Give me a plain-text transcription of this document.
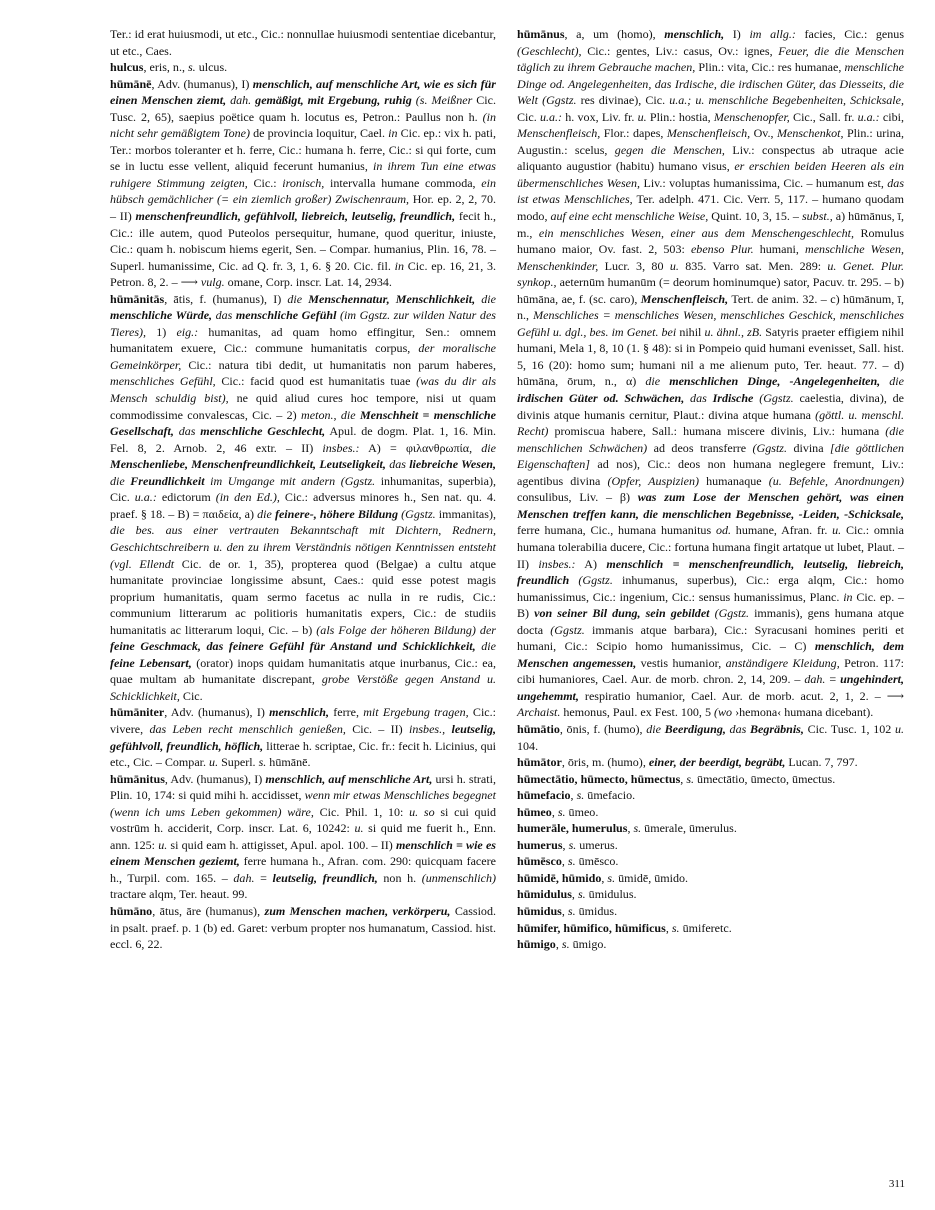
Ter.: id erat huiusmodi, ut etc., Cic.: nonnullae huiusmodi sententiae dicebantur, ut etc., Caes.

hulcus, eris, n., s. ulcus.

hūmānē, Adv. (humanus), I) menschlich, auf menschliche Art, wie es sich für einen Menschen ziemt, dah. gemäßigt, mit Ergebung, ruhig (s. Meißner Cic. Tusc. 2, 65), saepius poëtice quam h. locutus es, Petron.: Paullus non h. (in nicht sehr gemäßigtem Tone) de provincia loquitur, Cael. in Cic. ep.: vix h. pati, Ter.: morbos toleranter et h. ferre, Cic.: humana h. ferre, Cic.: si qui forte, cum se in luctu esse vellent, aliquid fecerunt humanius, in ihrem Tun eine etwas ruhigere Stimmung zeigten, Cic.: ironisch, intervalla humane commoda, ein hübsch gemächlicher (= ein ziemlich großer) Zwischenraum, Hor. ep. 2, 2, 70. – II) menschenfreundlich, gefühlvoll, liebreich, leutselig, freundlich, fecit h., Cic.: ille autem, quod Puteolos persequitur, humane, quod queritur, iniuste, Cic.: quam h. nobiscum hiems egerit, Sen. – Compar. humanius, Plin. 16, 78. – Superl. humanissime, Cic. ad Q. fr. 3, 1, 6. § 20. Cic. fil. in Cic. ep. 16, 21, 3. Petron. 8, 2. – ⟶ vulg. omane, Corp. inscr. Lat. 14, 2934.

hūmānitās, ātis, f. (humanus), I) die Menschennatur, Menschlichkeit, die menschliche Würde, das menschliche Gefühl (im Ggstz. zur wilden Natur des Tieres), 1) eig.: humanitas, ad quam homo effingitur, Sen.: omnem humanitatem exuere, Cic.: commune humanitatis corpus, der moralische Gemeinkörper, Cic.: natura tibi dedit, ut humanitatis non parum haberes, menschliches Gefühl, Cic.: facid quod est humanitatis tuae (was du dir als Mensch schuldig bist), ne quid aliud cures hoc tempore, nisi ut quam commodissime convalescas, Cic. – 2) meton., die Menschheit = menschliche Gesellschaft, das menschliche Geschlecht, Apul. de dogm. Plat. 1, 16. Min. Fel. 8, 2. Arnob. 2, 46 extr. – II) insbes.: A) = φιλανθρωπία, die Menschenliebe, Menschenfreundlichkeit, Leutseligkeit, das liebreiche Wesen, die Freundlichkeit im Umgange mit andern (Ggstz. inhumanitas, superbia), Cic. u.a.: edictorum (in den Ed.), Cic.: adversus minores h., Sen nat. qu. 4. praef. § 18. – B) = παιδεία, a) die feinere-, höhere Bildung (Ggstz. immanitas), die bes. aus einer vertrauten Bekanntschaft mit Dichtern, Rednern, Geschichtschreibern u. den zu ihrem Verständnis nötigen Kenntnissen entsteht (vgl. Ellendt Cic. de or. 1, 35), propterea quod (Belgae) a cultu atque humanitate provinciae longissime absunt, Caes.: quid esse potest magis proprium humanitatis, quam sermo facetus ac nulla in re rudis, Cic.: communium litterarum ac politioris humanitatis expers, Cic.: de studiis humanitatis ac litterarum loqui, Cic. – b) (als Folge der höheren Bildung) der feine Geschmack, das feinere Gefühl für Anstand und Schicklichkeit, die feine Lebensart, (orator) inops quidam humanitatis atque inurbanus, Cic.: ea, quae multam ab humanitate discrepant, grobe Verstöße gegen Anstand u. Schicklichkeit, Cic.

hūmāniter, Adv. (humanus), I) menschlich, ferre, mit Ergebung tragen, Cic.: vivere, das Leben recht menschlich genießen, Cic. – II) insbes., leutselig, gefühlvoll, freundlich, höflich, litterae h. scriptae, Cic. fr.: fecit h. Licinius, qui etc., Cic. – Compar. u. Superl. s. hūmānē.

hūmānitus, Adv. (humanus), I) menschlich, auf menschliche Art, ursi h. strati, Plin. 10, 174: si quid mihi h. accidisset, wenn mir etwas Menschliches begegnet (wenn ich ums Leben gekommen) wäre, Cic. Phil. 1, 10: u. so si cui quid vostrūm h. acciderit, Corp. inscr. Lat. 6, 10242: u. si quid me fuerit h., Enn. ann. 125: u. si quid eam h. attigisset, Apul. apol. 100. – II) menschlich = wie es einem Menschen geziemt, ferre humana h., Afran. com. 290: quicquam facere h., Turpil. com. 165. – dah. = leutselig, freundlich, non h. (unmenschlich) tractare alqm, Ter. heaut. 99.

hūmāno, ātus, āre (humanus), zum Menschen machen, verkörperu, Cassiod. in psalt. praef. p. 1 (b) ed. Garet: verbum propter nos humanatum, Cassiod. hist. eccl. 6, 22.

hūmānus, a, um (homo), menschlich, I) im allg.: facies, Cic.: genus (Geschlecht), Cic.: gentes, Liv.: casus, Ov.: ignes, Feuer, die die Menschen täglich zu ihrem Gebrauche machen, Plin.: vita, Cic.: res humanae, menschliche Dinge od. Angelegenheiten, das Irdische, die irdischen Güter, das Diesseits, die Welt (Ggstz. res divinae), Cic. u.a.; u. menschliche Begebenheiten, Schicksale, Cic. u.a.: h. vox, Liv. fr. u. Plin.: hostia, Menschenopfer, Cic., Sall. fr. u.a.: cibi, Menschenfleisch, Flor.: dapes, Menschenfleisch, Ov., Menschenkot, Plin.: urina, Augustin.: scelus, gegen die Menschen, Liv.: conspectus ab utraque acie aliquanto augustior (habitu) humano visus, er erschien beiden Heeren als ein übermenschliches Wesen, Liv.: voluptas humanissima, Cic. – humanum est, das ist etwas Menschliches, Ter. adelph. 471. Cic. Verr. 5, 117. – humano quodam modo, auf eine echt menschliche Weise, Quint. 10, 3, 15. – subst., a) hūmānus, ī, m., ein menschliches Wesen, einer aus dem Menschengeschlecht, Romulus humano maior, Ov. fast. 2, 503: ebenso Plur. humani, menschliche Wesen, Menschenkinder, Lucr. 3, 80 u. 835. Varro sat. Men. 289: u. Genet. Plur. synkop., aeternūm humanūm (= deorum hominumque) sator, Pacuv. tr. 295. – b) hūmāna, ae, f. (sc. caro), Menschenfleisch, Tert. de anim. 32. – c) hūmānum, ī, n., Menschliches = menschliches Wesen, menschliches Geschick, menschliches Gefühl u. dgl., bes. im Genet. bei nihil u. ähnl., zB. Satyris praeter effigiem nihil humani, Mela 1, 8, 10 (1. § 48): si in Pompeio quid humani evenisset, Sall. hist. 5, 16 (20): homo sum; humani nil a me alienum puto, Ter. heaut. 77. – d) hūmāna, ōrum, n., α) die menschlichen Dinge, -Angelegenheiten, die irdischen Güter od. Schwächen, das Irdische (Ggstz. caelestia, divina), de divinis atque humanis cernitur, Plaut.: divina atque humana (göttl. u. menschl. Recht) promiscua habere, Sall.: humana miscere divinis, Liv.: humana (die menschlichen Schwächen) ad deos transferre (Ggstz. divina [die göttlichen Eigenschaften] ad nos), Cic.: deos non humana neglegere fremunt, Liv.: agentibus divina (Opfer, Auspizien) humanaque (u. Befehle, Anordnungen) consulibus, Liv. – β) was zum Lose der Menschen gehört, was einen Menschen treffen kann, die menschlichen Begebnisse, -Leiden, -Schicksale, ferre humana, Cic., humana humanitus od. humane, Afran. fr. u. Cic.: omnia humana tolerabilia ducere, Cic.: fortuna humana fingit artatque ut lubet, Plaut. – II) insbes.: A) menschlich = menschenfreundlich, leutselig, liebreich, freundlich (Ggstz. inhumanus, superbus), Cic.: erga alqm, Cic.: homo humanissimus, Cic.: ingenium, Cic.: sensus humanissimus, Planc. in Cic. ep. – B) von seiner Bil dung, sein gebildet (Ggstz. immanis), gens humana atque docta (Ggstz. immanis atque barbara), Cic.: Syracusani homines periti et humani, Cic.: Scipio homo humanissimus, Cic. – C) menschlich, dem Menschen angemessen, vestis humanior, anständigere Kleidung, Petron. 117: cibi humaniores, Cael. Aur. de morb. chron. 2, 14, 209. – dah. = ungehindert, ungehemmt, respiratio humanior, Cael. Aur. de morb. acut. 2, 1, 2. – ⟶ Archaist. hemonus, Paul. ex Fest. 100, 5 (wo ›hemona‹ humana dicebant).

hūmātio, ōnis, f. (humo), die Beerdigung, das Begräbnis, Cic. Tusc. 1, 102 u. 104.

hūmātor, ōris, m. (humo), einer, der beerdigt, begräbt, Lucan. 7, 797.

hūmectātio, hūmecto, hūmectus, s. ūmectātio, ūmecto, ūmectus.

hūmefacio, s. ūmefacio.

hūmeo, s. ūmeo.

humerāle, humerulus, s. ūmerale, ūmerulus.

humerus, s. umerus.

hūmēsco, s. ūmēsco.

hūmidē, hūmido, s. ūmidē, ūmido.

hūmidulus, s. ūmidulus.

hūmidus, s. ūmidus.

hūmifer, hūmifico, hūmificus, s. ūmiferetc.

hūmigo, s. ūmigo.

311
